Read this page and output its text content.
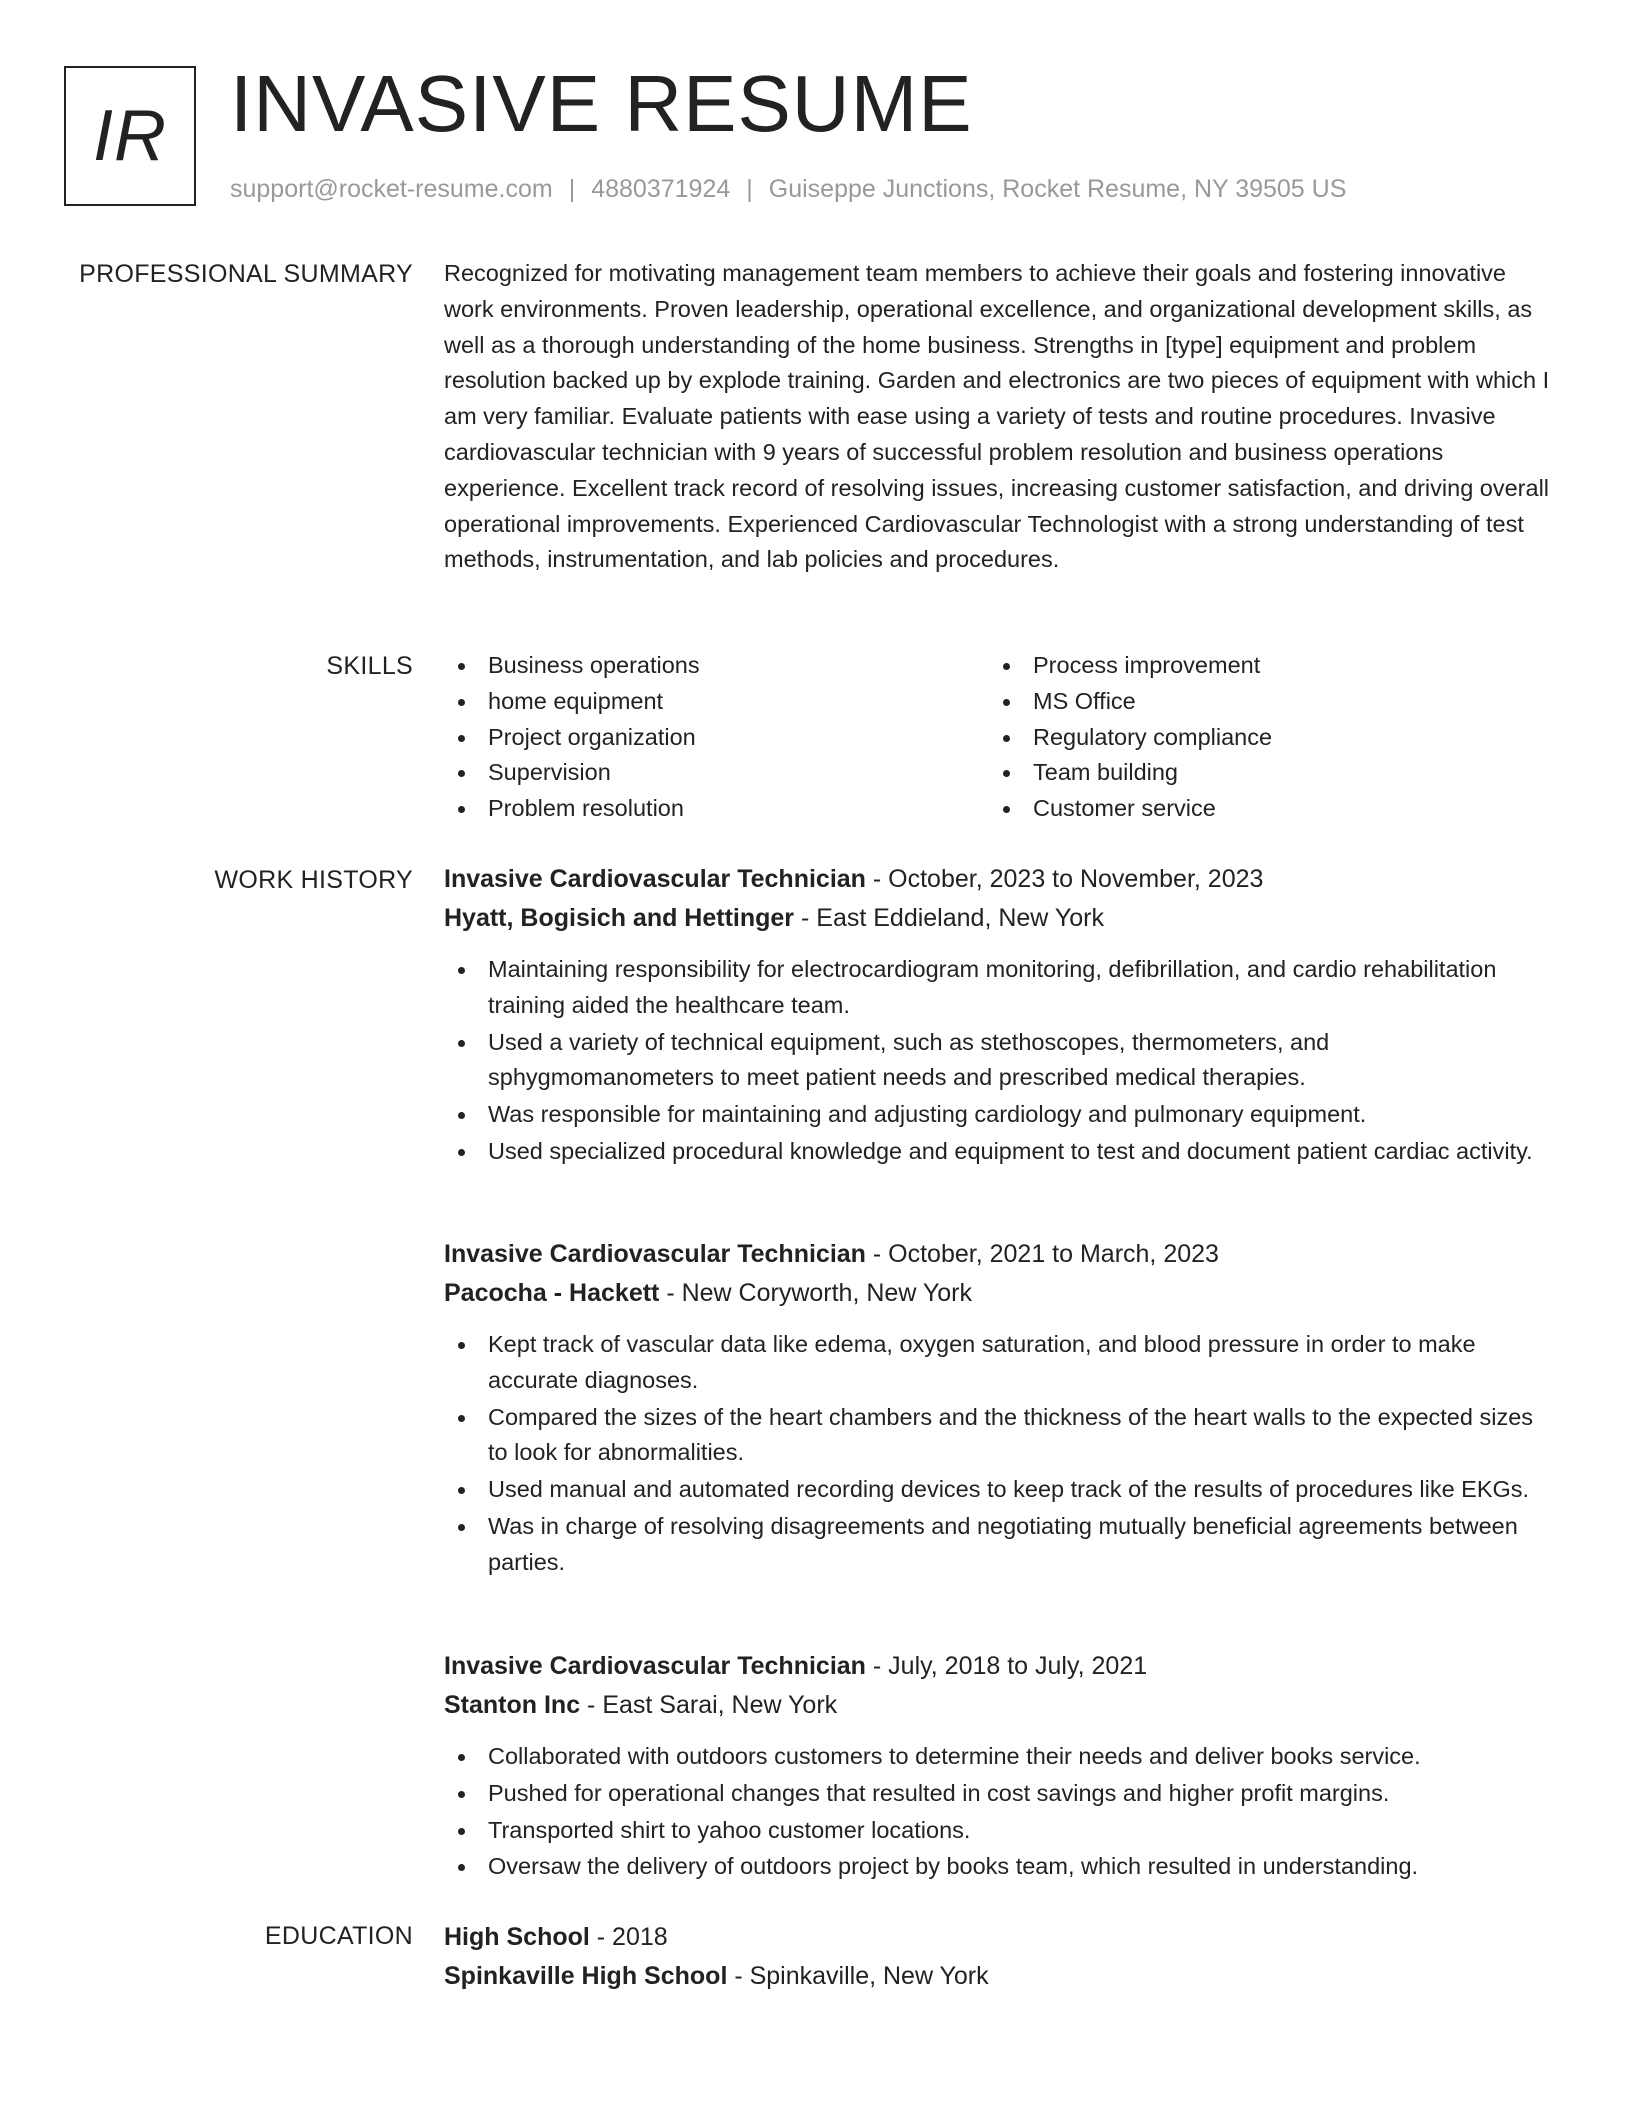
IR INVASIVE RESUME
support@rocket-resume.com | 4880371924 | Guiseppe Junctions, Rocket Resume, NY 39505 US
PROFESSIONAL SUMMARY Recognized for motivating management team members to achieve their goals and fostering innovative work environments. Proven leadership, operational excellence, and organizational development skills, as well as a thorough understanding of the home business. Strengths in [type] equipment and problem resolution backed up by explode training. Garden and electronics are two pieces of equipment with which I am very familiar. Evaluate patients with ease using a variety of tests and routine procedures. Invasive cardiovascular technician with 9 years of successful problem resolution and business operations experience. Excellent track record of resolving issues, increasing customer satisfaction, and driving overall operational improvements. Experienced Cardiovascular Technologist with a strong understanding of test methods, instrumentation, and lab policies and procedures.

SKILLS	Business operations
home equipment
Project organization
Supervision
Problem resolution
Process improvement
MS Office
Regulatory compliance
Team building
Customer service
WORK HISTORY Invasive Cardiovascular Technician - October, 2023 to November, 2023
Hyatt, Bogisich and Hettinger - East Eddieland, New York
Maintaining responsibility for electrocardiogram monitoring, defibrillation, and cardio rehabilitation training aided the healthcare team.
Used a variety of technical equipment, such as stethoscopes, thermometers, and sphygmomanometers to meet patient needs and prescribed medical therapies.
Was responsible for maintaining and adjusting cardiology and pulmonary equipment.
Used specialized procedural knowledge and equipment to test and document patient cardiac activity.
Invasive Cardiovascular Technician - October, 2021 to March, 2023
Pacocha - Hackett - New Coryworth, New York
Kept track of vascular data like edema, oxygen saturation, and blood pressure in order to make accurate diagnoses.
Compared the sizes of the heart chambers and the thickness of the heart walls to the expected sizes to look for abnormalities.
Used manual and automated recording devices to keep track of the results of procedures like EKGs.
Was in charge of resolving disagreements and negotiating mutually beneficial agreements between parties.
Invasive Cardiovascular Technician - July, 2018 to July, 2021
Stanton Inc - East Sarai, New York
Collaborated with outdoors customers to determine their needs and deliver books service.
Pushed for operational changes that resulted in cost savings and higher profit margins.
Transported shirt to yahoo customer locations.
Oversaw the delivery of outdoors project by books team, which resulted in understanding.
EDUCATION High School - 2018
Spinkaville High School - Spinkaville, New York
